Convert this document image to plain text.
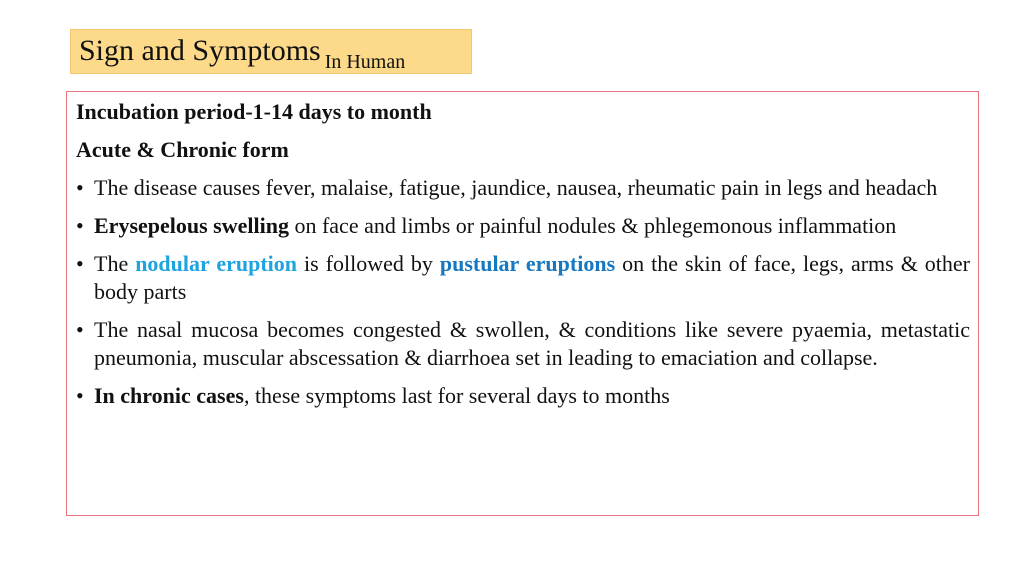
Sign and Symptoms In Human
Incubation period-1-14 days to month
Acute & Chronic form
• The disease causes fever, malaise, fatigue, jaundice, nausea, rheumatic pain in legs and headach
• Erysepelous swelling on face and limbs or painful nodules & phlegemonous inflammation
• The nodular eruption is followed by pustular eruptions on the skin of face, legs, arms & other body parts
• The nasal mucosa becomes congested & swollen, & conditions like severe pyaemia, metastatic pneumonia, muscular abscessation & diarrhoea set in leading to emaciation and collapse.
• In chronic cases, these symptoms last for several days to months
